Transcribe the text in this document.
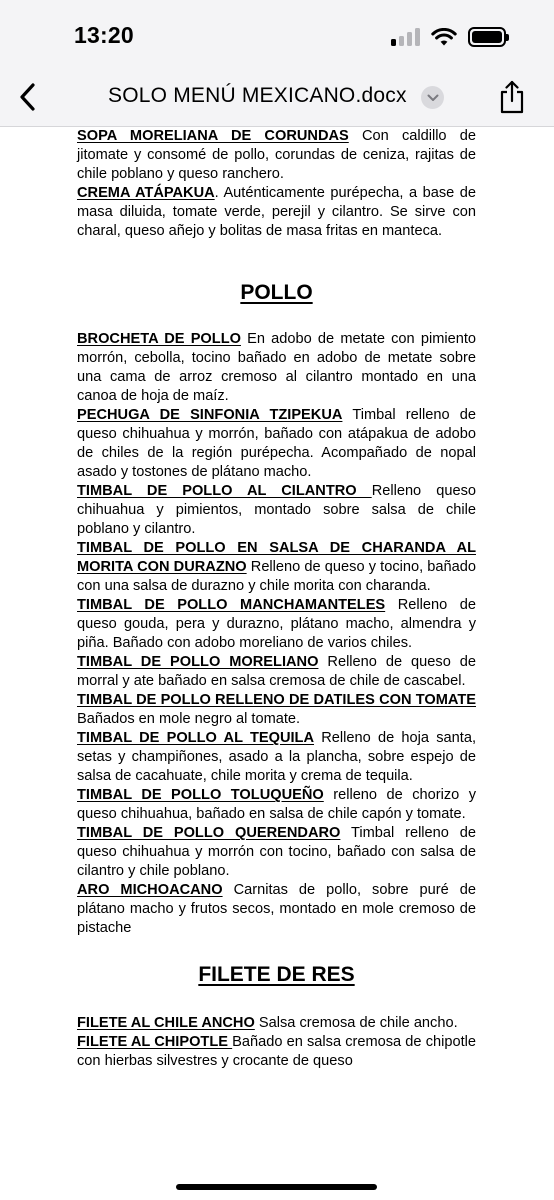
13:20
SOLO MENÚ MEXICANO.docx

SOPA MORELIANA DE CORUNDAS Con caldillo de jitomate y consomé de pollo, corundas de ceniza, rajitas de chile poblano y queso ranchero.

CREMA ATÁPAKUA. Auténticamente purépecha, a base de masa diluida, tomate verde, perejil y cilantro. Se sirve con charal, queso añejo y bolitas de masa fritas en manteca.

POLLO

BROCHETA DE POLLO En adobo de metate con pimiento morrón, cebolla, tocino bañado en adobo de metate sobre una cama de arroz cremoso al cilantro montado en una canoa de hoja de maíz.

PECHUGA DE SINFONIA TZIPEKUA Timbal relleno de queso chihuahua y morrón, bañado con atápakua de adobo de chiles de la región purépecha. Acompañado de nopal asado y tostones de plátano macho.

TIMBAL DE POLLO AL CILANTRO Relleno queso chihuahua y pimientos, montado sobre salsa de chile poblano y cilantro.

TIMBAL DE POLLO EN SALSA DE CHARANDA AL MORITA CON DURAZNO Relleno de queso y tocino, bañado con una salsa de durazno y chile morita con charanda.

TIMBAL DE POLLO MANCHAMANTELES Relleno de queso gouda, pera y durazno, plátano macho, almendra y piña. Bañado con adobo moreliano de varios chiles.

TIMBAL DE POLLO MORELIANO Relleno de queso de morral y ate bañado en salsa cremosa de chile de cascabel.

TIMBAL DE POLLO RELLENO DE DATILES CON TOMATE Bañados en mole negro al tomate.

TIMBAL DE POLLO AL TEQUILA Relleno de hoja santa, setas y champiñones, asado a la plancha, sobre espejo de salsa de cacahuate, chile morita y crema de tequila.

TIMBAL DE POLLO TOLUQUEÑO relleno de chorizo y queso chihuahua, bañado en salsa de chile capón y tomate.

TIMBAL DE POLLO QUERENDARO Timbal relleno de queso chihuahua y morrón con tocino, bañado con salsa de cilantro y chile poblano.

ARO MICHOACANO Carnitas de pollo, sobre puré de plátano macho y frutos secos, montado en mole cremoso de pistache

FILETE DE RES

FILETE AL CHILE ANCHO Salsa cremosa de chile ancho.

FILETE AL CHIPOTLE Bañado en salsa cremosa de chipotle con hierbas silvestres y crocante de queso
